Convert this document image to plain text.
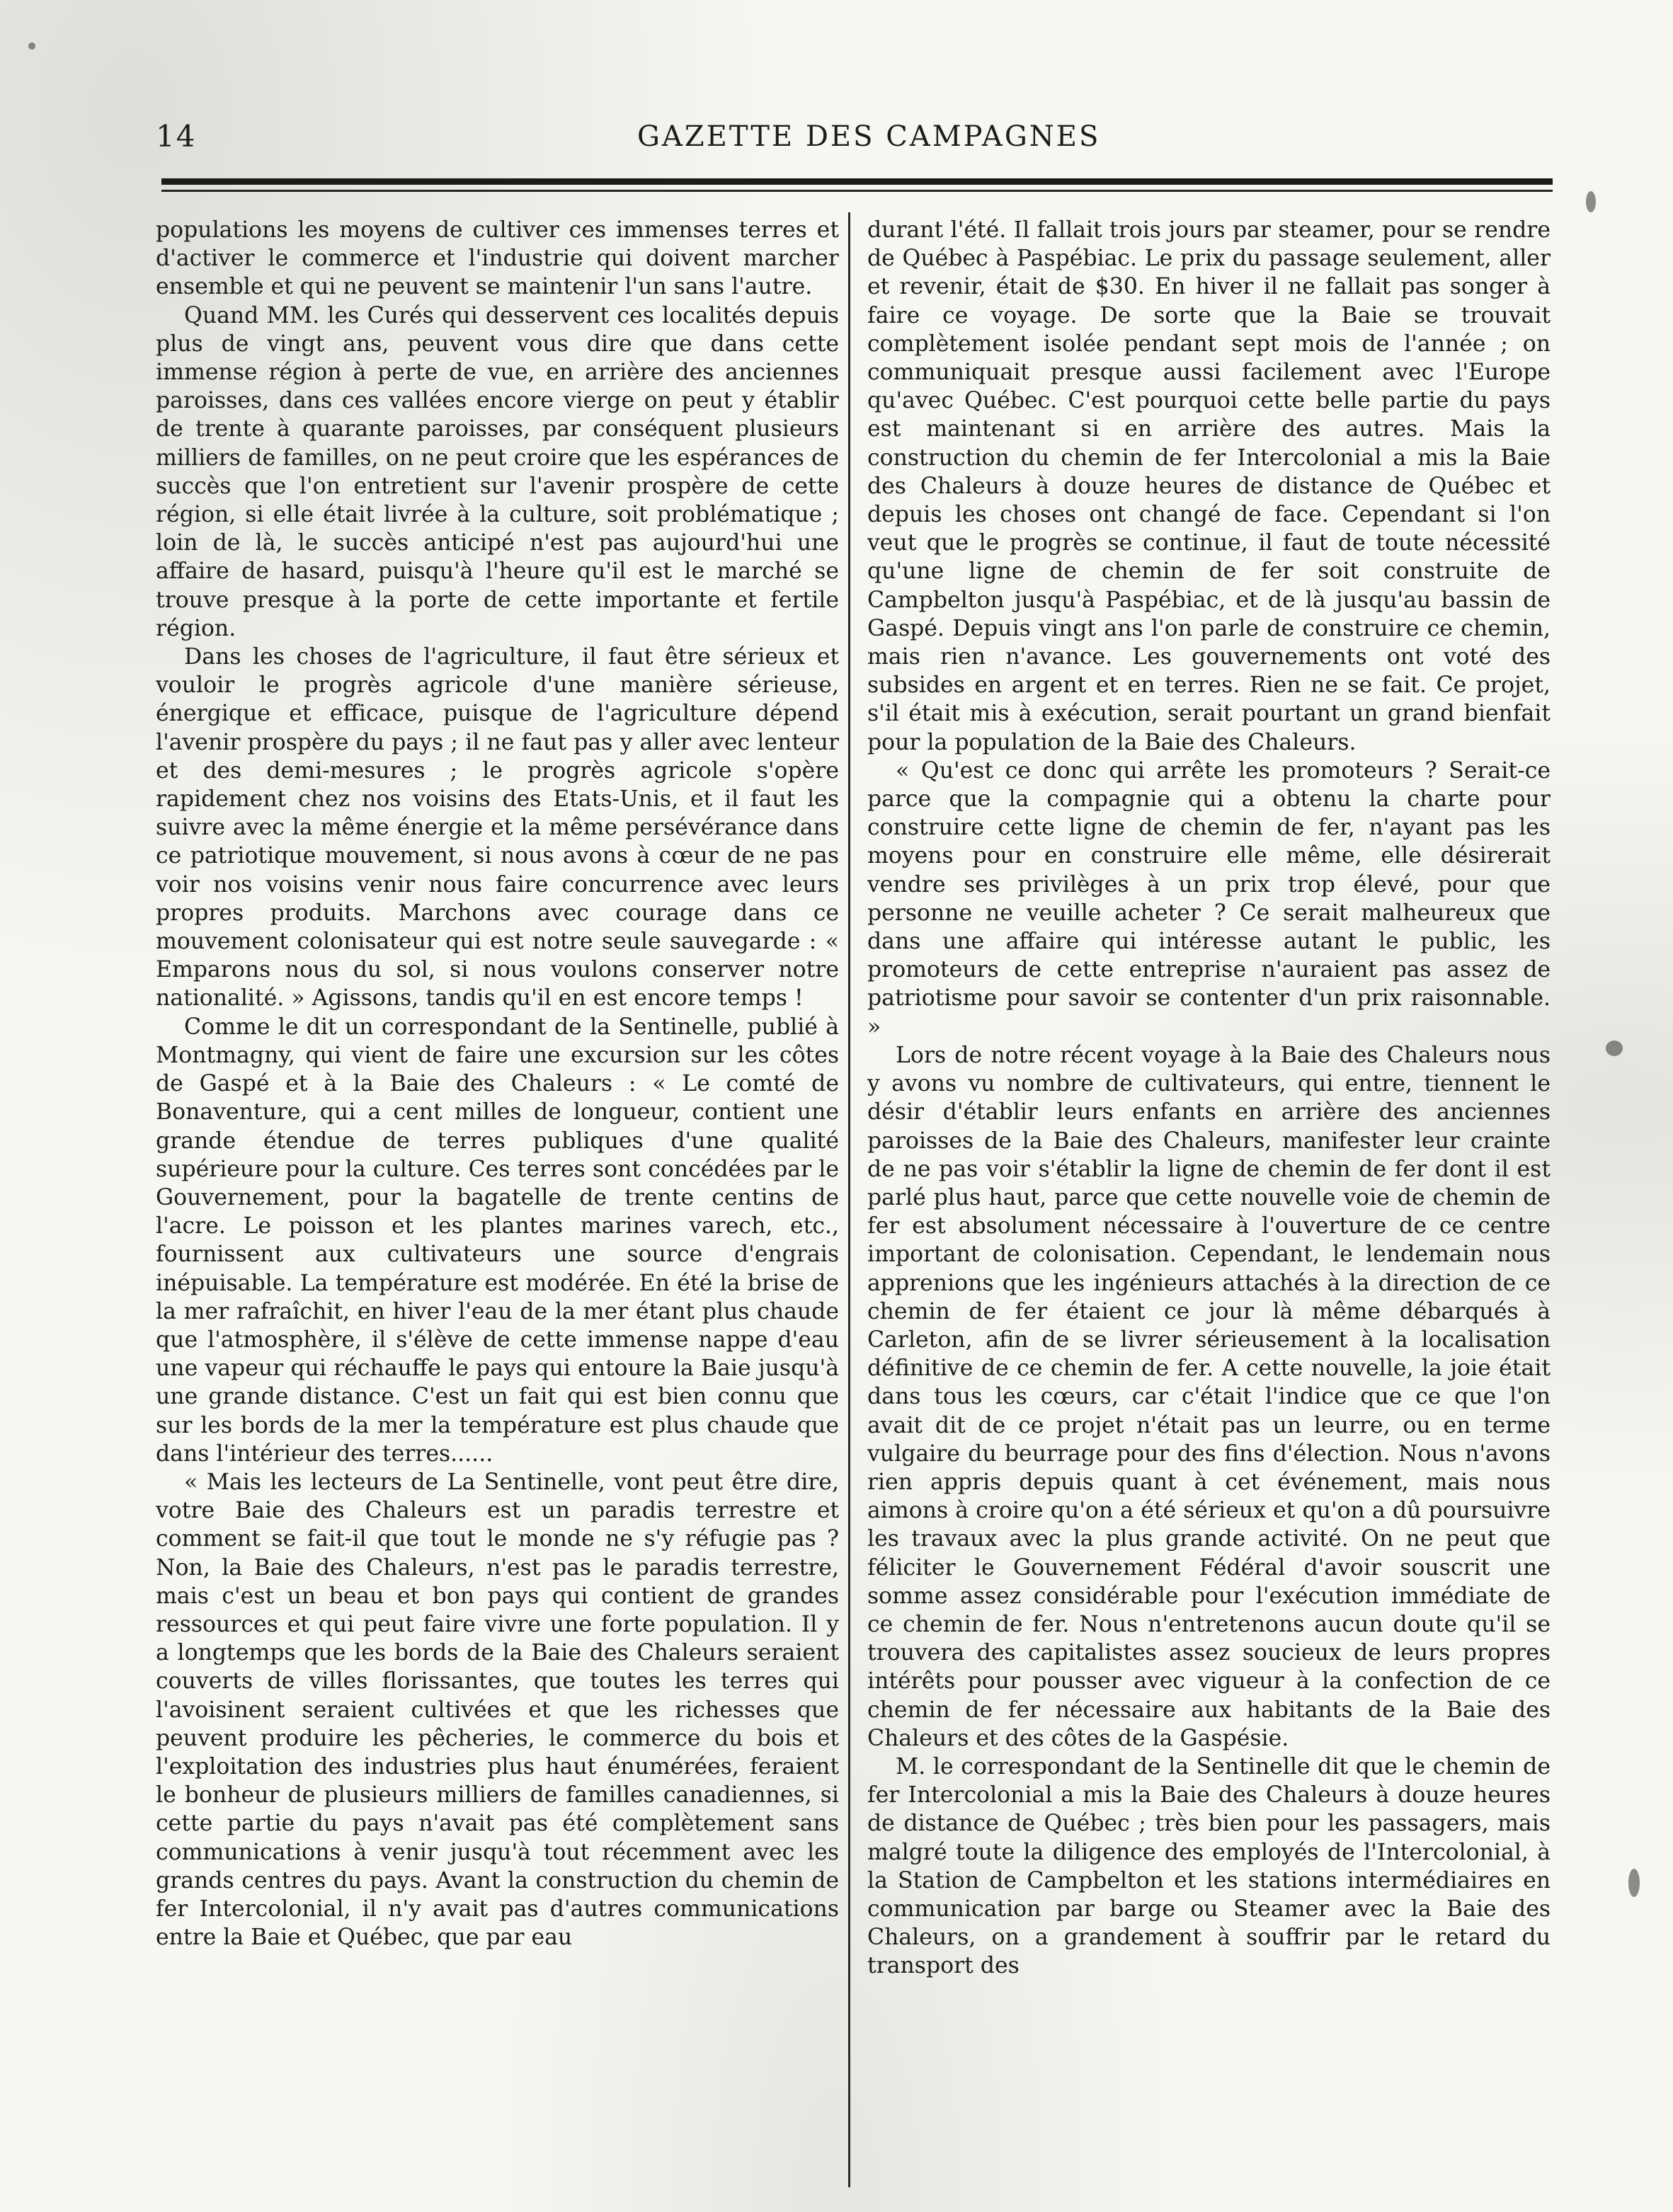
14	GAZETTE DES CAMPAGNES

populations les moyens de cultiver ces immenses terres et d'activer le commerce et l'industrie qui doivent marcher ensemble et qui ne peuvent se maintenir l'un sans l'autre.

Quand MM. les Curés qui desservent ces localités depuis plus de vingt ans, peuvent vous dire que dans cette immense région à perte de vue, en arrière des anciennes paroisses, dans ces vallées encore vierge on peut y établir de trente à quarante paroisses, par conséquent plusieurs milliers de familles, on ne peut croire que les espérances de succès que l'on entretient sur l'avenir prospère de cette région, si elle était livrée à la culture, soit problématique ; loin de là, le succès anticipé n'est pas aujourd'hui une affaire de hasard, puisqu'à l'heure qu'il est le marché se trouve presque à la porte de cette importante et fertile région.

Dans les choses de l'agriculture, il faut être sérieux et vouloir le progrès agricole d'une manière sérieuse, énergique et efficace, puisque de l'agriculture dépend l'avenir prospère du pays ; il ne faut pas y aller avec lenteur et des demi-mesures ; le progrès agricole s'opère rapidement chez nos voisins des Etats-Unis, et il faut les suivre avec la même énergie et la même persévérance dans ce patriotique mouvement, si nous avons à cœur de ne pas voir nos voisins venir nous faire concurrence avec leurs propres produits. Marchons avec courage dans ce mouvement colonisateur qui est notre seule sauvegarde : « Emparons nous du sol, si nous voulons conserver notre nationalité. » Agissons, tandis qu'il en est encore temps !

Comme le dit un correspondant de la Sentinelle, publié à Montmagny, qui vient de faire une excursion sur les côtes de Gaspé et à la Baie des Chaleurs : « Le comté de Bonaventure, qui a cent milles de longueur, contient une grande étendue de terres publiques d'une qualité supérieure pour la culture. Ces terres sont concédées par le Gouvernement, pour la bagatelle de trente centins de l'acre. Le poisson et les plantes marines varech, etc., fournissent aux cultivateurs une source d'engrais inépuisable. La température est modérée. En été la brise de la mer rafraîchit, en hiver l'eau de la mer étant plus chaude que l'atmosphère, il s'élève de cette immense nappe d'eau une vapeur qui réchauffe le pays qui entoure la Baie jusqu'à une grande distance. C'est un fait qui est bien connu que sur les bords de la mer la température est plus chaude que dans l'intérieur des terres......

« Mais les lecteurs de La Sentinelle, vont peut être dire, votre Baie des Chaleurs est un paradis terrestre et comment se fait-il que tout le monde ne s'y réfugie pas ? Non, la Baie des Chaleurs, n'est pas le paradis terrestre, mais c'est un beau et bon pays qui contient de grandes ressources et qui peut faire vivre une forte population. Il y a longtemps que les bords de la Baie des Chaleurs seraient couverts de villes florissantes, que toutes les terres qui l'avoisinent seraient cultivées et que les richesses que peuvent produire les pêcheries, le commerce du bois et l'exploitation des industries plus haut énumérées, feraient le bonheur de plusieurs milliers de familles canadiennes, si cette partie du pays n'avait pas été complètement sans communications à venir jusqu'à tout récemment avec les grands centres du pays. Avant la construction du chemin de fer Intercolonial, il n'y avait pas d'autres communications entre la Baie et Québec, que par eau

durant l'été. Il fallait trois jours par steamer, pour se rendre de Québec à Paspébiac. Le prix du passage seulement, aller et revenir, était de $30. En hiver il ne fallait pas songer à faire ce voyage. De sorte que la Baie se trouvait complètement isolée pendant sept mois de l'année ; on communiquait presque aussi facilement avec l'Europe qu'avec Québec. C'est pourquoi cette belle partie du pays est maintenant si en arrière des autres. Mais la construction du chemin de fer Intercolonial a mis la Baie des Chaleurs à douze heures de distance de Québec et depuis les choses ont changé de face. Cependant si l'on veut que le progrès se continue, il faut de toute nécessité qu'une ligne de chemin de fer soit construite de Campbelton jusqu'à Paspébiac, et de là jusqu'au bassin de Gaspé. Depuis vingt ans l'on parle de construire ce chemin, mais rien n'avance. Les gouvernements ont voté des subsides en argent et en terres. Rien ne se fait. Ce projet, s'il était mis à exécution, serait pourtant un grand bienfait pour la population de la Baie des Chaleurs.

« Qu'est ce donc qui arrête les promoteurs ? Serait-ce parce que la compagnie qui a obtenu la charte pour construire cette ligne de chemin de fer, n'ayant pas les moyens pour en construire elle même, elle désirerait vendre ses privilèges à un prix trop élevé, pour que personne ne veuille acheter ? Ce serait malheureux que dans une affaire qui intéresse autant le public, les promoteurs de cette entreprise n'auraient pas assez de patriotisme pour savoir se contenter d'un prix raisonnable. »

Lors de notre récent voyage à la Baie des Chaleurs nous y avons vu nombre de cultivateurs, qui entre, tiennent le désir d'établir leurs enfants en arrière des anciennes paroisses de la Baie des Chaleurs, manifester leur crainte de ne pas voir s'établir la ligne de chemin de fer dont il est parlé plus haut, parce que cette nouvelle voie de chemin de fer est absolument nécessaire à l'ouverture de ce centre important de colonisation. Cependant, le lendemain nous apprenions que les ingénieurs attachés à la direction de ce chemin de fer étaient ce jour là même débarqués à Carleton, afin de se livrer sérieusement à la localisation définitive de ce chemin de fer. A cette nouvelle, la joie était dans tous les cœurs, car c'était l'indice que ce que l'on avait dit de ce projet n'était pas un leurre, ou en terme vulgaire du beurrage pour des fins d'élection. Nous n'avons rien appris depuis quant à cet événement, mais nous aimons à croire qu'on a été sérieux et qu'on a dû poursuivre les travaux avec la plus grande activité. On ne peut que féliciter le Gouvernement Fédéral d'avoir souscrit une somme assez considérable pour l'exécution immédiate de ce chemin de fer. Nous n'entretenons aucun doute qu'il se trouvera des capitalistes assez soucieux de leurs propres intérêts pour pousser avec vigueur à la confection de ce chemin de fer nécessaire aux habitants de la Baie des Chaleurs et des côtes de la Gaspésie.

M. le correspondant de la Sentinelle dit que le chemin de fer Intercolonial a mis la Baie des Chaleurs à douze heures de distance de Québec ; très bien pour les passagers, mais malgré toute la diligence des employés de l'Intercolonial, à la Station de Campbelton et les stations intermédiaires en communication par barge ou Steamer avec la Baie des Chaleurs, on a grandement à souffrir par le retard du transport des
